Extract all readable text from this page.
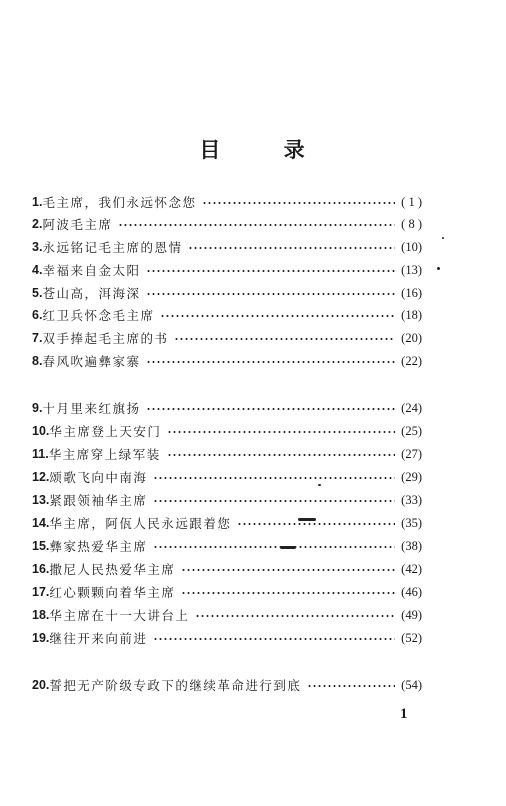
目 录
1. 毛主席，我们永远怀念您	( 1 )
2. 阿波毛主席	( 8 )
3. 永远铭记毛主席的恩情	(10)
4. 幸福来自金太阳	(13)
5. 苍山高，洱海深	(16)
6. 红卫兵怀念毛主席	(18)
7. 双手捧起毛主席的书	(20)
8. 春风吹遍彝家寨	(22)
9. 十月里来红旗扬	(24)
10. 华主席登上天安门	(25)
11. 华主席穿上绿军装	(27)
12. 颂歌飞向中南海	(29)
13. 紧跟领袖华主席	(33)
14. 华主席，阿佤人民永远跟着您	(35)
15. 彝家热爱华主席	(38)
16. 撒尼人民热爱华主席	(42)
17. 红心颗颗向着华主席	(46)
18. 华主席在十一大讲台上	(49)
19. 继往开来向前进	(52)
20. 誓把无产阶级专政下的继续革命进行到底	(54)
1
